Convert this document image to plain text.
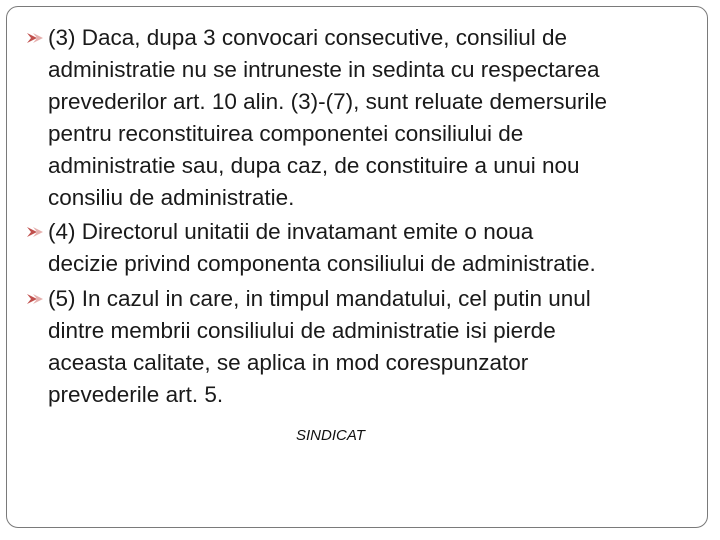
(3) Daca, dupa 3 convocari consecutive, consiliul de
administratie nu se intruneste in sedinta cu respectarea
prevederilor art. 10 alin. (3)-(7), sunt reluate demersurile
pentru reconstituirea componentei consiliului de
administratie sau, dupa caz, de constituire a unui nou
consiliu de administratie.
(4) Directorul unitatii de invatamant emite o noua
decizie privind componenta consiliului de administratie.
(5) In cazul in care, in timpul mandatului, cel putin unul
dintre membrii consiliului de administratie isi pierde
aceasta calitate, se aplica in mod corespunzator
prevederile art. 5.
SINDICAT
